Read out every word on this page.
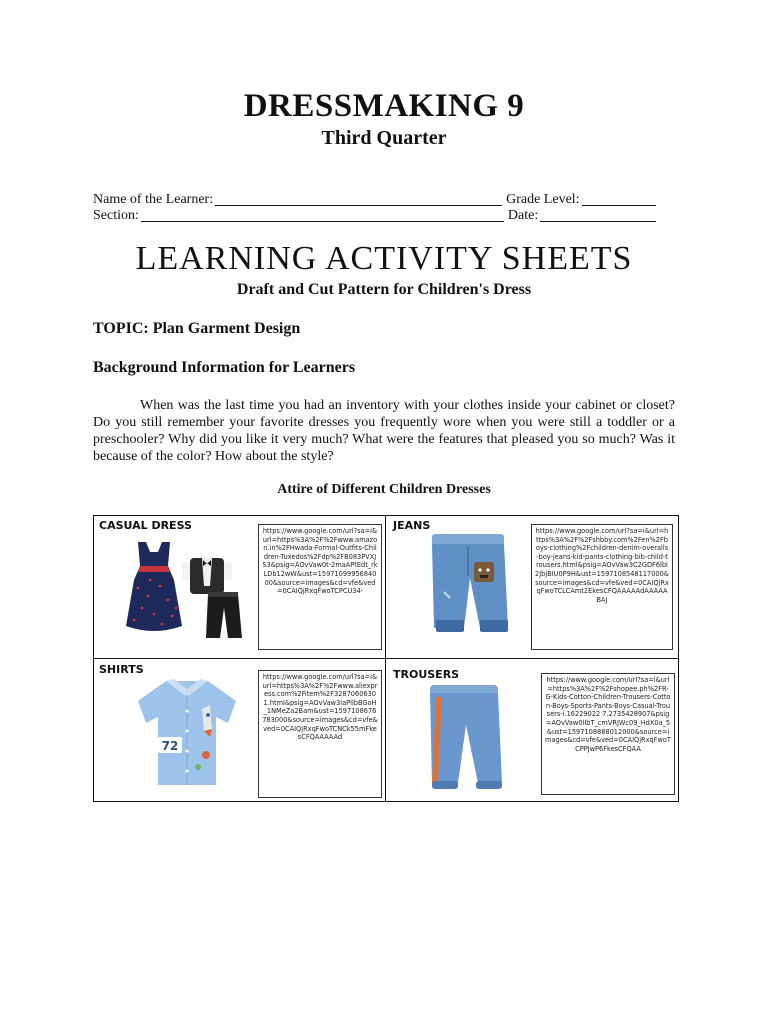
DRESSMAKING 9
Third Quarter
Name of the Learner:	Grade Level:
Section:	Date:
LEARNING ACTIVITY SHEETS
Draft and Cut Pattern for Children's Dress
TOPIC: Plan Garment Design
Background Information for Learners
When was the last time you had an inventory with your clothes inside your cabinet or closet? Do you still remember your favorite dresses you frequently wore when you were still a toddler or a preschooler? Why did you like it very much? What were the features that pleased you so much? Was it because of the color? How about the style?
Attire of Different Children Dresses
CASUAL DRESS	https://www.google.com/url?sa=i&url=https%3A%2F%2Fwww.amazon.in%2FHwada-Formal-Outfits-Children-Tuxedos%2Fdp%2FB083PVXJS3&psig=AOvVaw0t-2maAPtEdt_rkLDb12wW&ust=1597109995684000&source=images&cd=vfe&ved=0CAIQjRxqFwoTCPCU34-
JEANS	https://www.google.com/url?sa=i&url=https%3A%2F%2Fshbby.com%2Fen%2Fboys-clothing%2Fchildren-denim-overalls-boy-jeans-kid-pants-clothing-bib-child-trousers.html&psig=AOvVaw3C2GDF6lbl2JbjBIU0P9H&ust=1597108548117000&source=images&cd=vfe&ved=0CAIQjRxqFwoTCLCAmt2EkesCFQAAAAAdAAAAABAJ
SHIRTS
72
https://www.google.com/url?sa=i&url=https%3A%2F%2Fwww.aliexpress.com%2Fitem%2F32870606301.html&psig=AOvVaw3iaPllbBGoH_1NMeZa2Bam&ust=1597108676783000&source=images&cd=vfe&ved=0CAIQjRxqFwoTCNCk55mFkesCFQAAAAAd
TROUSERS	https://www.google.com/url?sa=i&url=https%3A%2F%2Fshopee.ph%2FR-G-Kids-Cotton-Children-Trousers-Cotton-Boys-Sports-Pants-Boys-Casual-Trousers-i.16229022 7.2735428907&psig=AOvVaw0lIbT_cmVRJWc09_HdX0a_5&ust=1597108888012000&source=images&cd=vfe&ved=0CAIQjRxqFwoTCPPJwP6FkesCFQAA
